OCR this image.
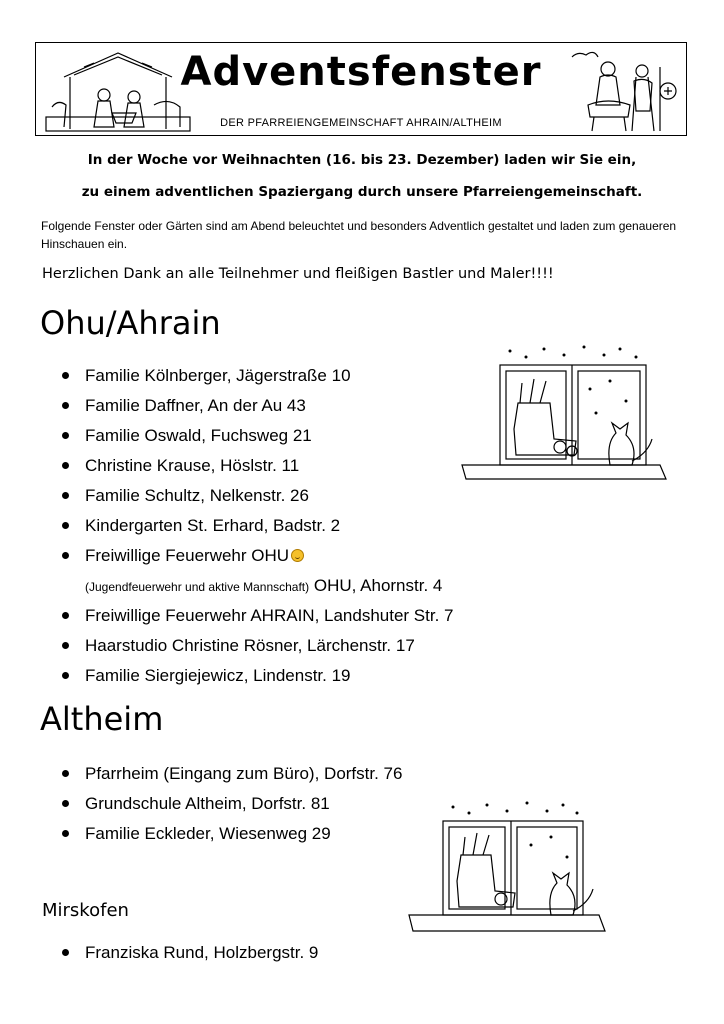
Adventsfenster
DER PFARREIENGEMEINSCHAFT AHRAIN/ALTHEIM
In der Woche vor Weihnachten (16. bis 23. Dezember) laden wir Sie ein,
zu einem adventlichen Spaziergang durch unsere Pfarreiengemeinschaft.
Folgende Fenster oder Gärten sind am Abend beleuchtet und besonders Adventlich gestaltet und laden zum genaueren Hinschauen ein.
Herzlichen Dank an alle Teilnehmer und fleißigen Bastler und Maler!!!!
Ohu/Ahrain
Familie Kölnberger, Jägerstraße 10
Familie Daffner, An der Au 43
Familie Oswald, Fuchsweg 21
Christine Krause, Höslstr. 11
Familie Schultz, Nelkenstr. 26
Kindergarten St. Erhard, Badstr. 2
Freiwillige Feuerwehr OHU
(Jugendfeuerwehr und aktive Mannschaft) OHU, Ahornstr. 4
Freiwillige Feuerwehr AHRAIN, Landshuter Str. 7
Haarstudio Christine Rösner, Lärchenstr. 17
Familie Siergiejewicz, Lindenstr. 19
Altheim
Pfarrheim (Eingang zum Büro), Dorfstr. 76
Grundschule Altheim, Dorfstr. 81
Familie Eckleder, Wiesenweg 29
Mirskofen
Franziska Rund, Holzbergstr. 9
